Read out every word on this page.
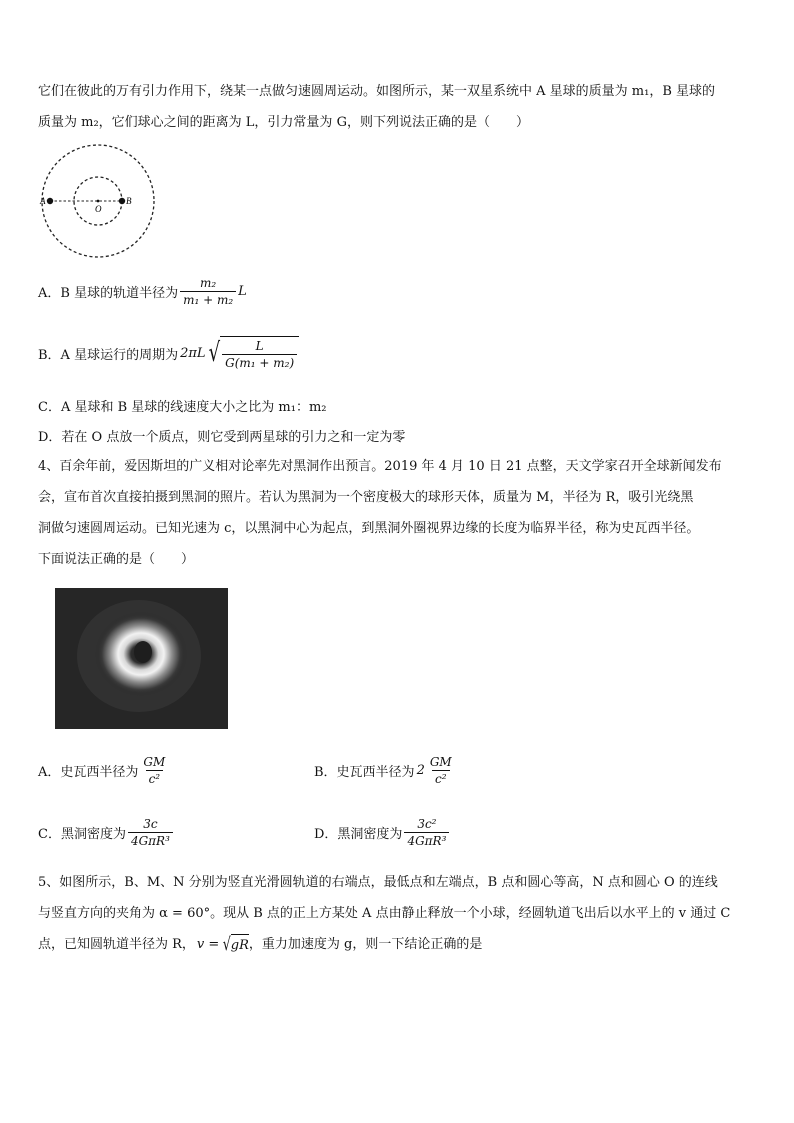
它们在彼此的万有引力作用下，绕某一点做匀速圆周运动。如图所示，某一双星系统中 A 星球的质量为 m₁，B 星球的
质量为 m₂，它们球心之间的距离为 L，引力常量为 G，则下列说法正确的是（　　）
A
O
B
A．B 星球的轨道半径为 $\frac{\text{m₂}}{\text{m₁ + m₂}}$ L
B．A 星球运行的周期为 2πL √ $\frac{L}{\text{G(m₁ + m₂)}}$
C．A 星球和 B 星球的线速度大小之比为 m₁：m₂
D．若在 O 点放一个质点，则它受到两星球的引力之和一定为零
4、百余年前，爱因斯坦的广义相对论率先对黑洞作出预言。2019 年 4 月 10 日 21 点整，天文学家召开全球新闻发布
会，宣布首次直接拍摄到黑洞的照片。若认为黑洞为一个密度极大的球形天体，质量为 M，半径为 R，吸引光绕黑
洞做匀速圆周运动。已知光速为 c，以黑洞中心为起点，到黑洞外圈视界边缘的长度为临界半径，称为史瓦西半径。
下面说法正确的是（　　）
A．史瓦西半径为 $\frac{GM}{\text{c²}}$	B．史瓦西半径为 $2 \frac{GM}{\text{c²}}$
C．黑洞密度为 $\frac{3c}{\text{4GπR³}}$	D．黑洞密度为 $\frac{\text{3c²}}{\text{4GπR³}}$
5、如图所示，B、M、N 分别为竖直光滑圆轨道的右端点，最低点和左端点，B 点和圆心等高，N 点和圆心 O 的连线
与竖直方向的夹角为 α = 60°。现从 B 点的正上方某处 A 点由静止释放一个小球，经圆轨道飞出后以水平上的 v 通过 C
点，已知圆轨道半径为 R， v = √ gR ，重力加速度为 g，则一下结论正确的是
